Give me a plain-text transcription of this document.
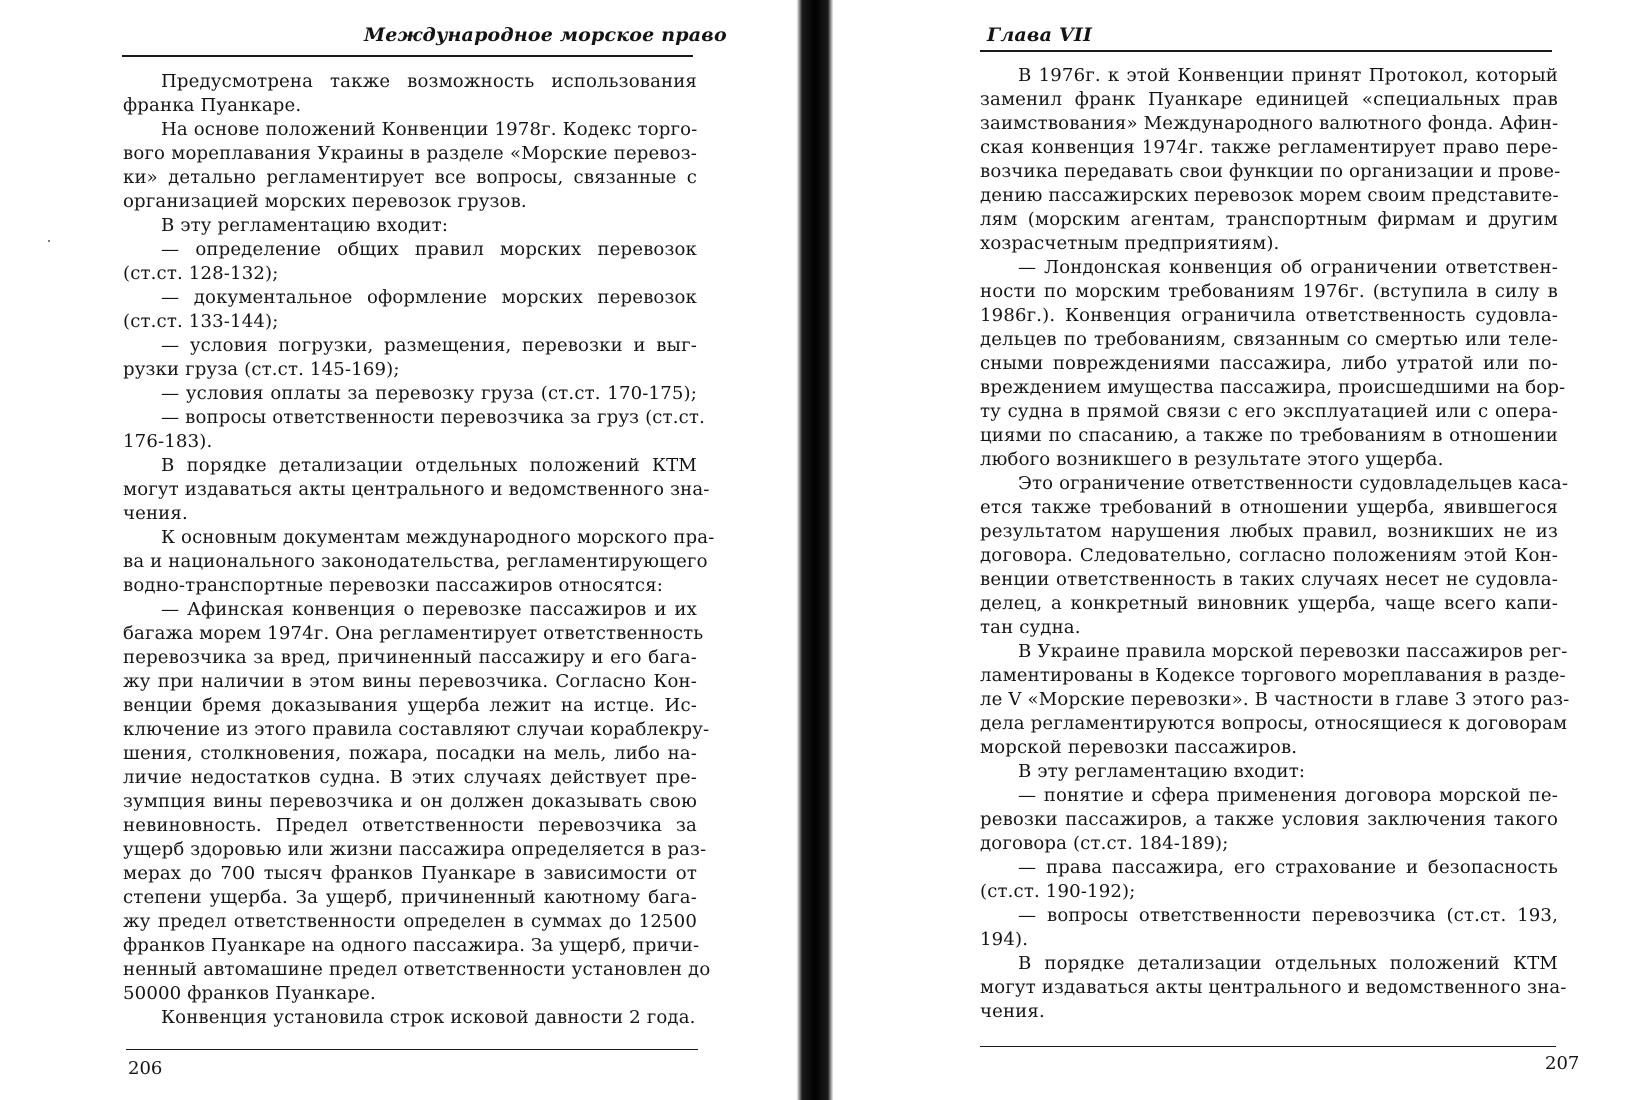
Международное морское право
Предусмотрена также возможность использования
франка Пуанкаре.
На основе положений Конвенции 1978г. Кодекс торго-
вого мореплавания Украины в разделе «Морские перевоз-
ки» детально регламентирует все вопросы, связанные с
организацией морских перевозок грузов.
В эту регламентацию входит:
— определение общих правил морских перевозок
(ст.ст. 128-132);
— документальное оформление морских перевозок
(ст.ст. 133-144);
— условия погрузки, размещения, перевозки и выг-
рузки груза (ст.ст. 145-169);
— условия оплаты за перевозку груза (ст.ст. 170-175);
— вопросы ответственности перевозчика за груз (ст.ст.
176-183).
В порядке детализации отдельных положений КТМ
могут издаваться акты центрального и ведомственного зна-
чения.
К основным документам международного морского пра-
ва и национального законодательства, регламентирующего
водно-транспортные перевозки пассажиров относятся:
— Афинская конвенция о перевозке пассажиров и их
багажа морем 1974г. Она регламентирует ответственность
перевозчика за вред, причиненный пассажиру и его бага-
жу при наличии в этом вины перевозчика. Согласно Кон-
венции бремя доказывания ущерба лежит на истце. Ис-
ключение из этого правила составляют случаи кораблекру-
шения, столкновения, пожара, посадки на мель, либо на-
личие недостатков судна. В этих случаях действует пре-
зумпция вины перевозчика и он должен доказывать свою
невиновность. Предел ответственности перевозчика за
ущерб здоровью или жизни пассажира определяется в раз-
мерах до 700 тысяч франков Пуанкаре в зависимости от
степени ущерба. За ущерб, причиненный каютному бага-
жу предел ответственности определен в суммах до 12500
франков Пуанкаре на одного пассажира. За ущерб, причи-
ненный автомашине предел ответственности установлен до
50000 франков Пуанкаре.
Конвенция установила строк исковой давности 2 года.
206
Глава VII
В 1976г. к этой Конвенции принят Протокол, который
заменил франк Пуанкаре единицей «специальных прав
заимствования» Международного валютного фонда. Афин-
ская конвенция 1974г. также регламентирует право пере-
возчика передавать свои функции по организации и прове-
дению пассажирских перевозок морем своим представите-
лям (морским агентам, транспортным фирмам и другим
хозрасчетным предприятиям).
— Лондонская конвенция об ограничении ответствен-
ности по морским требованиям 1976г. (вступила в силу в
1986г.). Конвенция ограничила ответственность судовла-
дельцев по требованиям, связанным со смертью или теле-
сными повреждениями пассажира, либо утратой или по-
вреждением имущества пассажира, происшедшими на бор-
ту судна в прямой связи с его эксплуатацией или с опера-
циями по спасанию, а также по требованиям в отношении
любого возникшего в результате этого ущерба.
Это ограничение ответственности судовладельцев каса-
ется также требований в отношении ущерба, явившегося
результатом нарушения любых правил, возникших не из
договора. Следовательно, согласно положениям этой Кон-
венции ответственность в таких случаях несет не судовла-
делец, а конкретный виновник ущерба, чаще всего капи-
тан судна.
В Украине правила морской перевозки пассажиров рег-
ламентированы в Кодексе торгового мореплавания в разде-
ле V «Морские перевозки». В частности в главе 3 этого раз-
дела регламентируются вопросы, относящиеся к договорам
морской перевозки пассажиров.
В эту регламентацию входит:
— понятие и сфера применения договора морской пе-
ревозки пассажиров, а также условия заключения такого
договора (ст.ст. 184-189);
— права пассажира, его страхование и безопасность
(ст.ст. 190-192);
— вопросы ответственности перевозчика (ст.ст. 193,
194).
В порядке детализации отдельных положений КТМ
могут издаваться акты центрального и ведомственного зна-
чения.
207
